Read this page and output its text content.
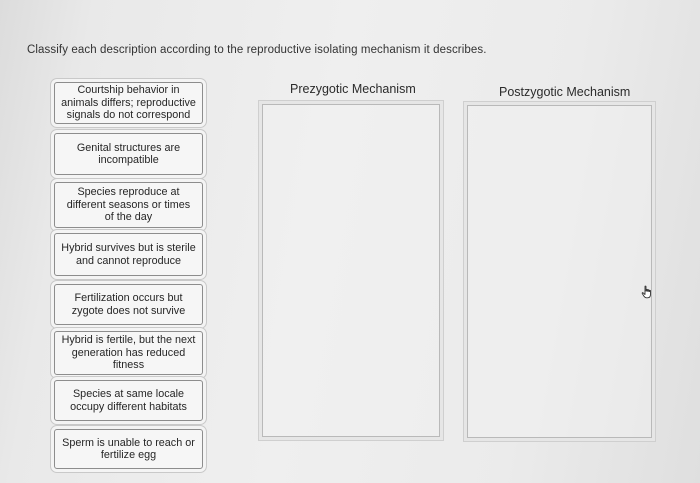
Classify each description according to the reproductive isolating mechanism it describes.
Courtship behavior in animals differs; reproductive signals do not correspond
Genital structures are incompatible
Species reproduce at different seasons or times of the day
Hybrid survives but is sterile and cannot reproduce
Fertilization occurs but zygote does not survive
Hybrid is fertile, but the next generation has reduced fitness
Species at same locale occupy different habitats
Sperm is unable to reach or fertilize egg
Prezygotic Mechanism	Postzygotic Mechanism
